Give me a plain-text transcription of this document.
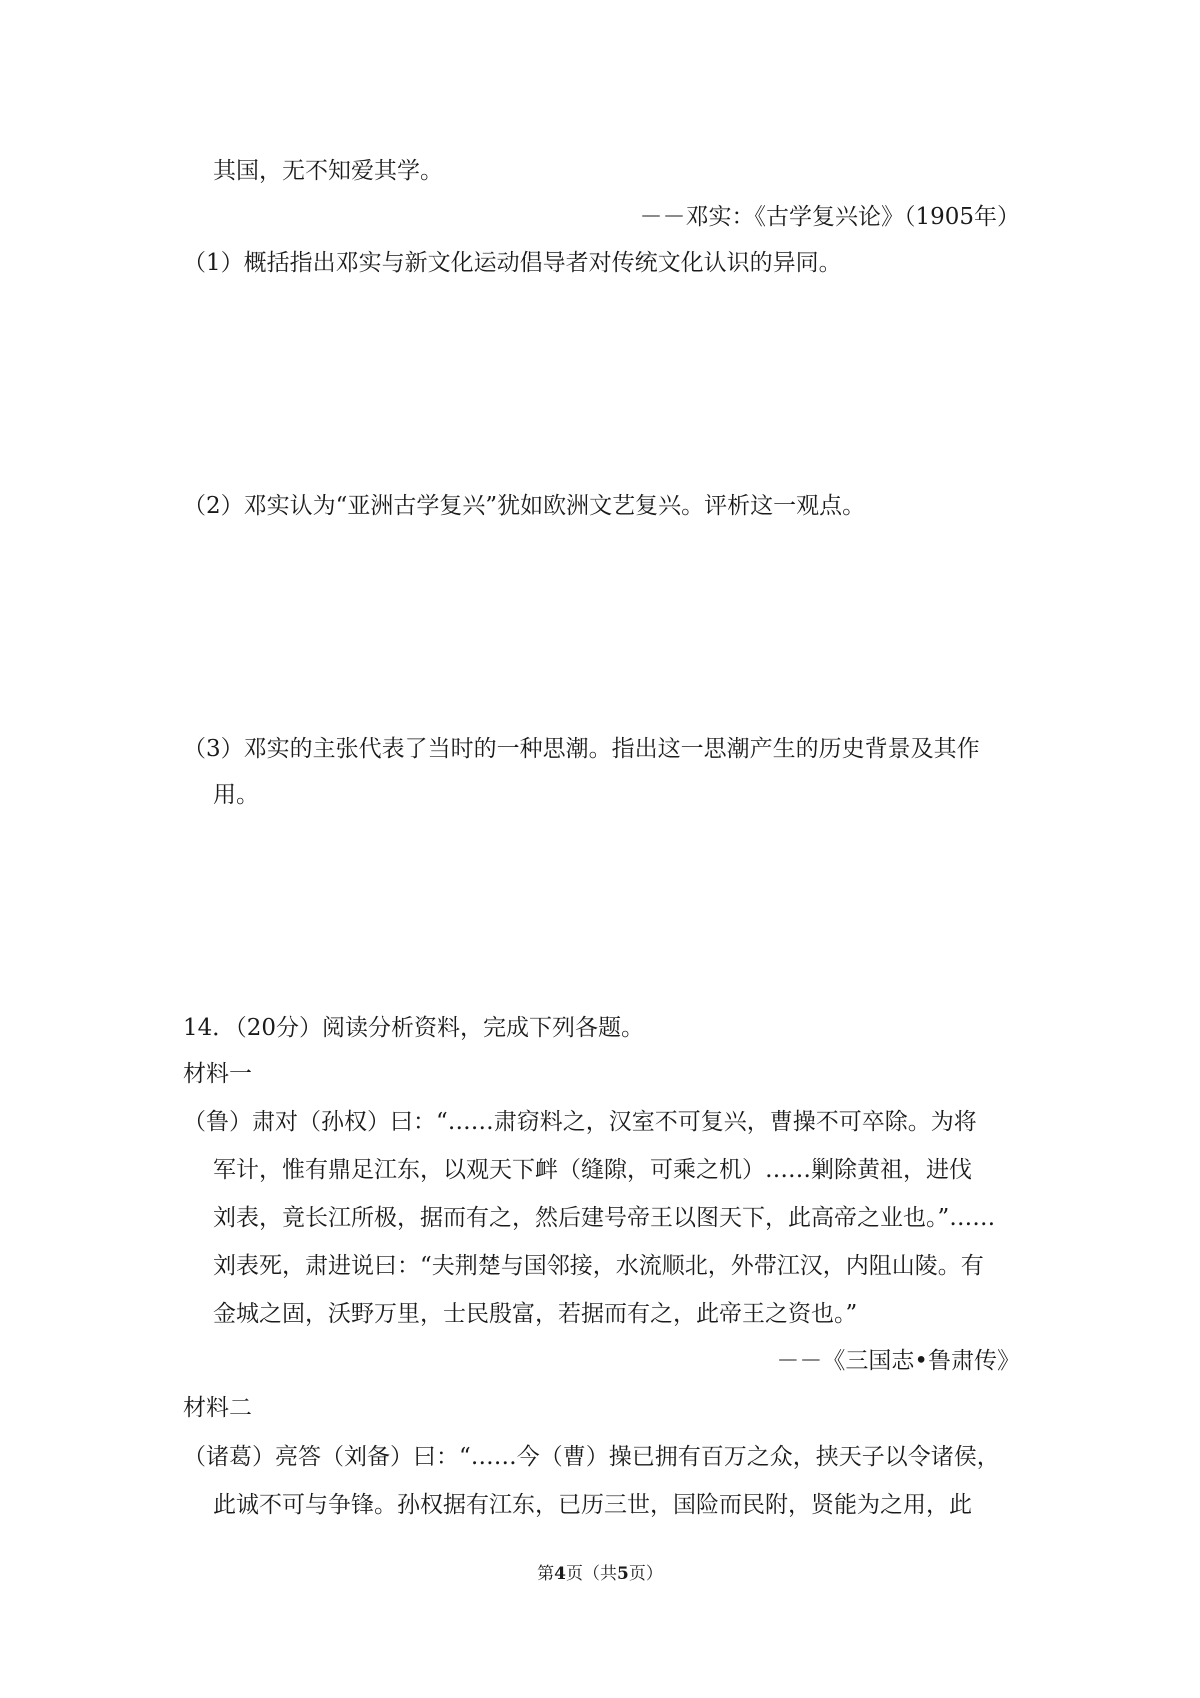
其国，无不知爱其学。
－－邓实：《古学复兴论》（1905年）
（1）概括指出邓实与新文化运动倡导者对传统文化认识的异同。
（2）邓实认为“亚洲古学复兴”犹如欧洲文艺复兴。评析这一观点。
（3）邓实的主张代表了当时的一种思潮。指出这一思潮产生的历史背景及其作
用。
14．（20分）阅读分析资料，完成下列各题。
材料一
（鲁）肃对（孙权）曰：“……肃窃料之，汉室不可复兴，曹操不可卒除。为将
军计，惟有鼎足江东，以观天下衅（缝隙，可乘之机）……剿除黄祖，进伐
刘表，竟长江所极，据而有之，然后建号帝王以图天下，此高帝之业也。”……
刘表死，肃进说曰：“夫荆楚与国邻接，水流顺北，外带江汉，内阻山陵。有
金城之固，沃野万里，士民殷富，若据而有之，此帝王之资也。”
－－《三国志•鲁肃传》
材料二
（诸葛）亮答（刘备）曰：“……今（曹）操已拥有百万之众，挟天子以令诸侯，
此诚不可与争锋。孙权据有江东，已历三世，国险而民附，贤能为之用，此
第4页（共5页）
